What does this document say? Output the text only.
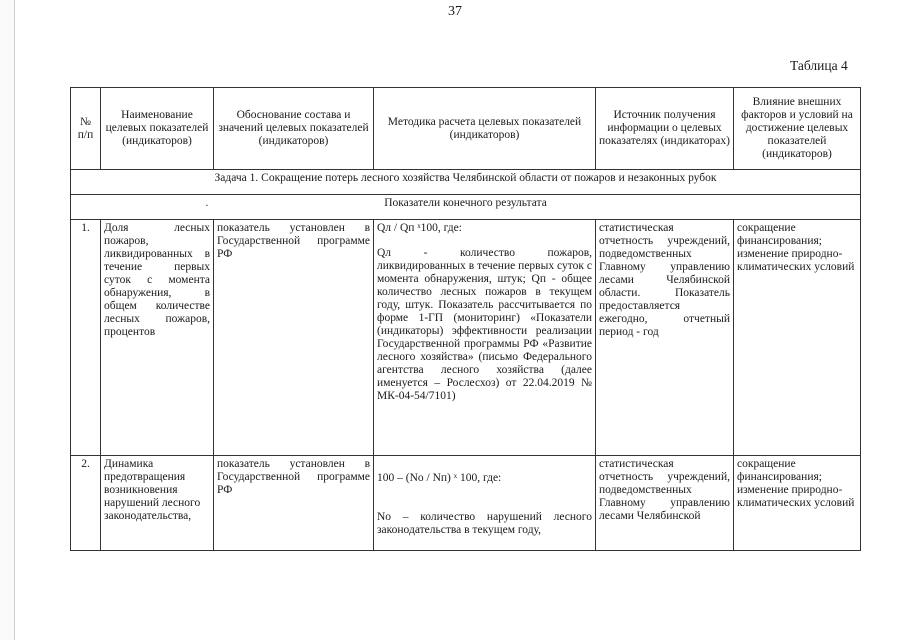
37
Таблица 4
№ п/п	Наименование целевых показателей (индикаторов)	Обоснование состава и значений целевых показателей (индикаторов)	Методика расчета целевых показателей (индикаторов)	Источник получения информации о целевых показателях (индикаторах)	Влияние внешних факторов и условий на достижение целевых показателей (индикаторов)
Задача 1. Сокращение потерь лесного хозяйства Челябинской области от пожаров и незаконных рубок					

. Показатели конечного результата					
1.	Доля лесных пожаров, ликвидированных в течение первых суток с момента обнаружения, в общем количестве лесных пожаров, процентов	показатель установлен в Государственной программе РФ	Qл / Qп ˣ100, где:
Qл - количество пожаров, ликвидированных в течение первых суток с момента обнаружения, штук; Qп - общее количество лесных пожаров в текущем году, штук. Показатель рассчитывается по форме 1-ГП (мониторинг) «Показатели (индикаторы) эффективности реализации Государственной программы РФ «Развитие лесного хозяйства» (письмо Федерального агентства лесного хозяйства (далее именуется – Рослесхоз) от 22.04.2019 № МК-04-54/7101)	статистическая отчетность учреждений, подведомственных Главному управлению лесами Челябинской области. Показатель предоставляется ежегодно, отчетный период - год	сокращение финансирования; изменение природно-климатических условий
2.	Динамика предотвращения возникновения нарушений лесного законодательства,	показатель установлен в Государственной программе РФ	100 – (Nо / Nп) ˣ 100, где:
Nо – количество нарушений лесного законодательства в текущем году,	статистическая отчетность учреждений, подведомственных Главному управлению лесами Челябинской	сокращение финансирования; изменение природно-климатических условий
